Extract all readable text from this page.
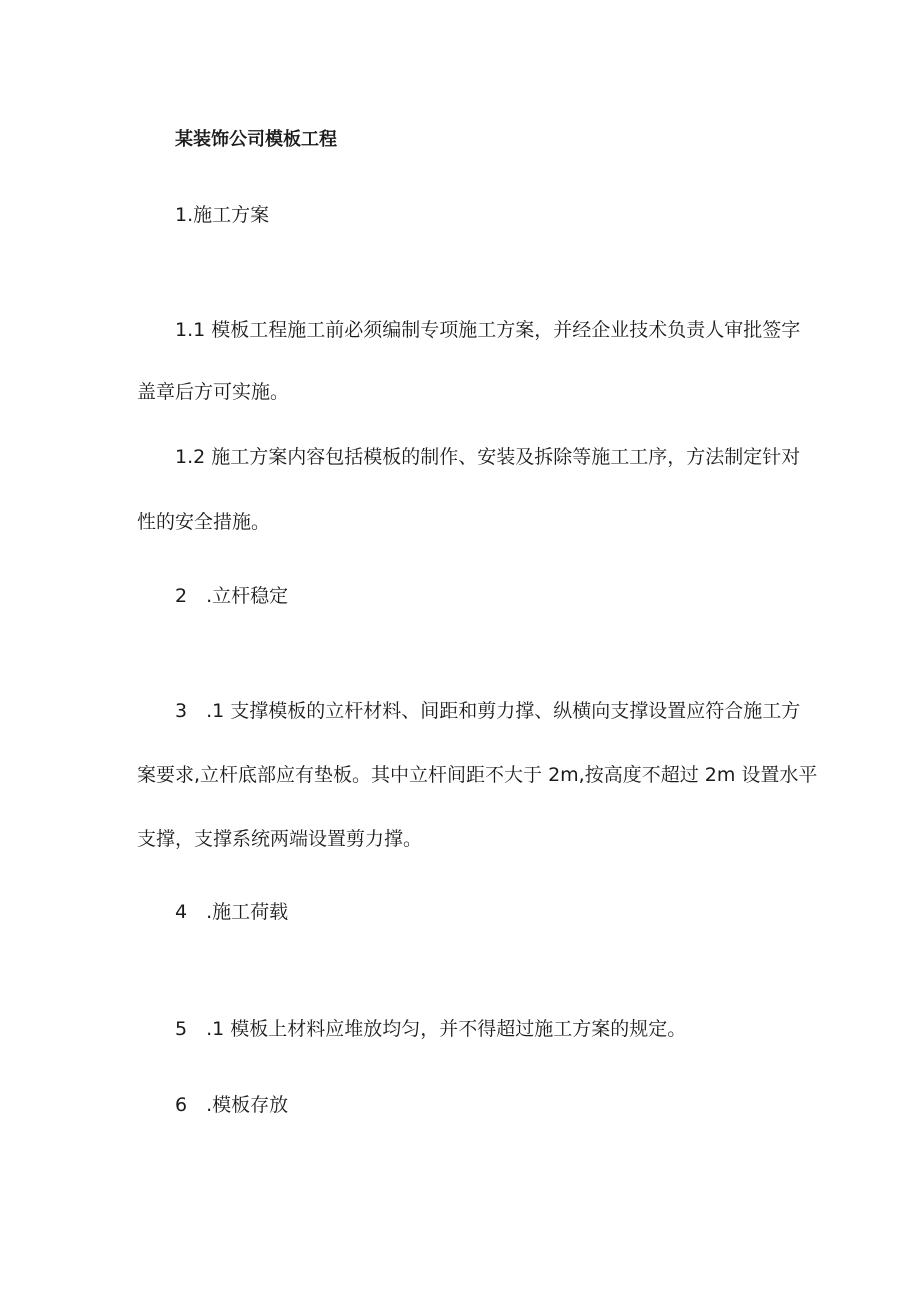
某装饰公司模板工程
1.施工方案
1.1 模板工程施工前必须编制专项施工方案，并经企业技术负责人审批签字
盖章后方可实施。
1.2 施工方案内容包括模板的制作、安装及拆除等施工工序，方法制定针对
性的安全措施。
2　.立杆稳定
3　.1 支撑模板的立杆材料、间距和剪力撑、纵横向支撑设置应符合施工方
案要求,立杆底部应有垫板。其中立杆间距不大于 2m,按高度不超过 2m 设置水平
支撑，支撑系统两端设置剪力撑。
4　.施工荷载
5　.1 模板上材料应堆放均匀，并不得超过施工方案的规定。
6　.模板存放
